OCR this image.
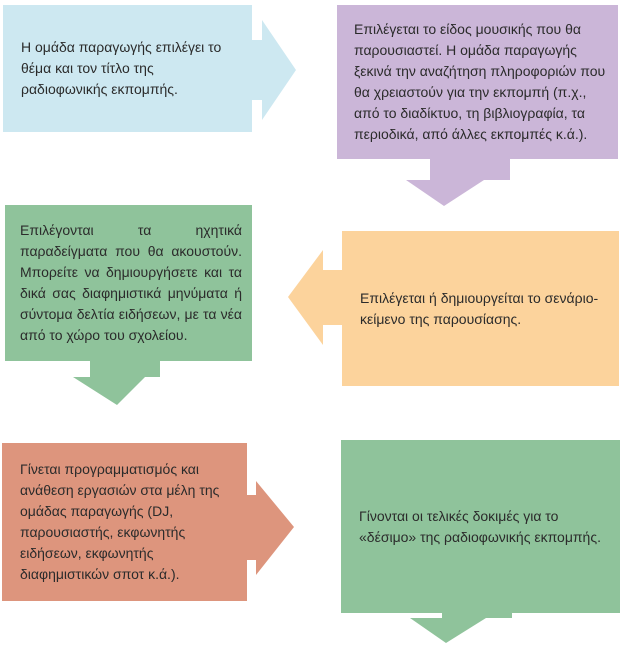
Η ομάδα παραγωγής επιλέγει το θέμα και τον τίτλο της ραδιοφωνικής εκπομπής.
Επιλέγεται το είδος μουσικής που θα παρουσιαστεί. Η ομάδα παραγωγής ξεκινά την αναζήτηση πληροφοριών που θα χρειαστούν για την εκπομπή (π.χ., από το διαδίκτυο, τη βιβλιογραφία, τα περιοδικά, από άλλες εκπομπές κ.ά.).
Επιλέγονται τα ηχητικά παραδείγματα που θα ακουστούν. Μπορείτε να δημιουργήσετε και τα δικά σας διαφημιστικά μηνύματα ή σύντομα δελτία ειδήσεων, με τα νέα από το χώρο του σχολείου.
Επιλέγεται ή δημιουργείται το σενάριο-κείμενο της παρουσίασης.
Γίνεται προγραμματισμός και ανάθεση εργασιών στα μέλη της ομάδας παραγωγής (DJ, παρουσιαστής, εκφωνητής ειδήσεων, εκφωνητής διαφημιστικών σποτ κ.ά.).
Γίνονται οι τελικές δοκιμές για το «δέσιμο» της ραδιοφωνικής εκπομπής.
